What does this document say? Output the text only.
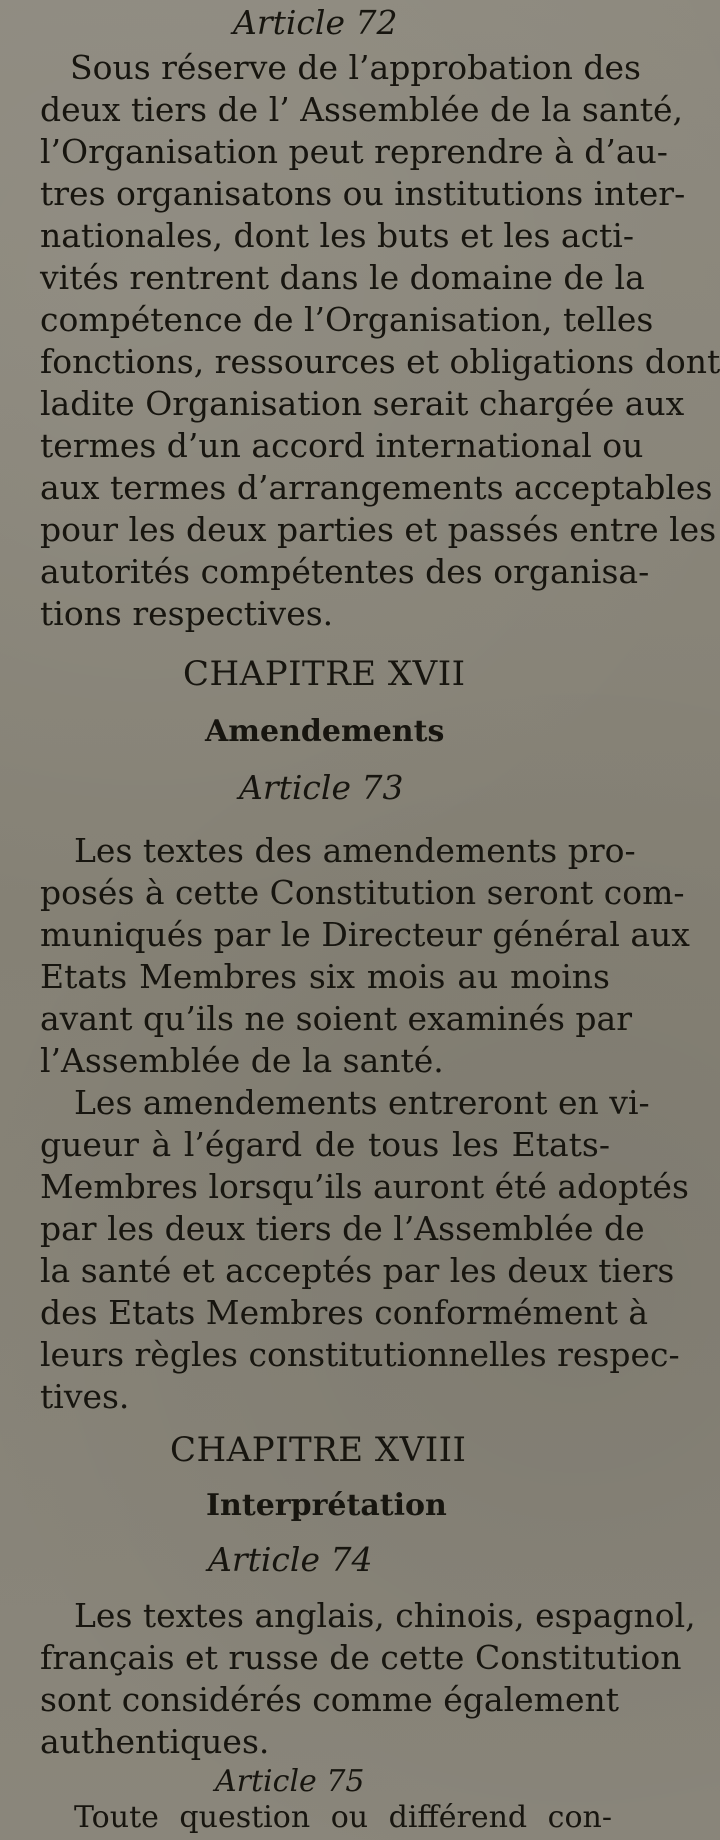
Article 72
Sous réserve de l’approbation des
deux tiers de l’ Assemblée de la santé,
l’Organisation peut reprendre à d’au-
tres organisatons ou institutions inter-
nationales, dont les buts et les acti-
vités rentrent dans le domaine de la
compétence de l’Organisation, telles
fonctions, ressources et obligations dont
ladite Organisation serait chargée aux
termes d’un accord international ou
aux termes d’arrangements acceptables
pour les deux parties et passés entre les
autorités compétentes des organisa-
tions respectives.
CHAPITRE XVII
Amendements
Article 73
Les textes des amendements pro-
posés à cette Constitution seront com-
muniqués par le Directeur général aux
Etats Membres six mois au moins
avant qu’ils ne soient examinés par
l’Assemblée de la santé.
Les amendements entreront en vi-
gueur à l’égard de tous les Etats-
Membres lorsqu’ils auront été adoptés
par les deux tiers de l’Assemblée de
la santé et acceptés par les deux tiers
des Etats Membres conformément à
leurs règles constitutionnelles respec-
tives.
CHAPITRE XVIII
Interprétation
Article 74
Les textes anglais, chinois, espagnol,
français et russe de cette Constitution
sont considérés comme également
authentiques.
Article 75
Toute question ou différend con-
